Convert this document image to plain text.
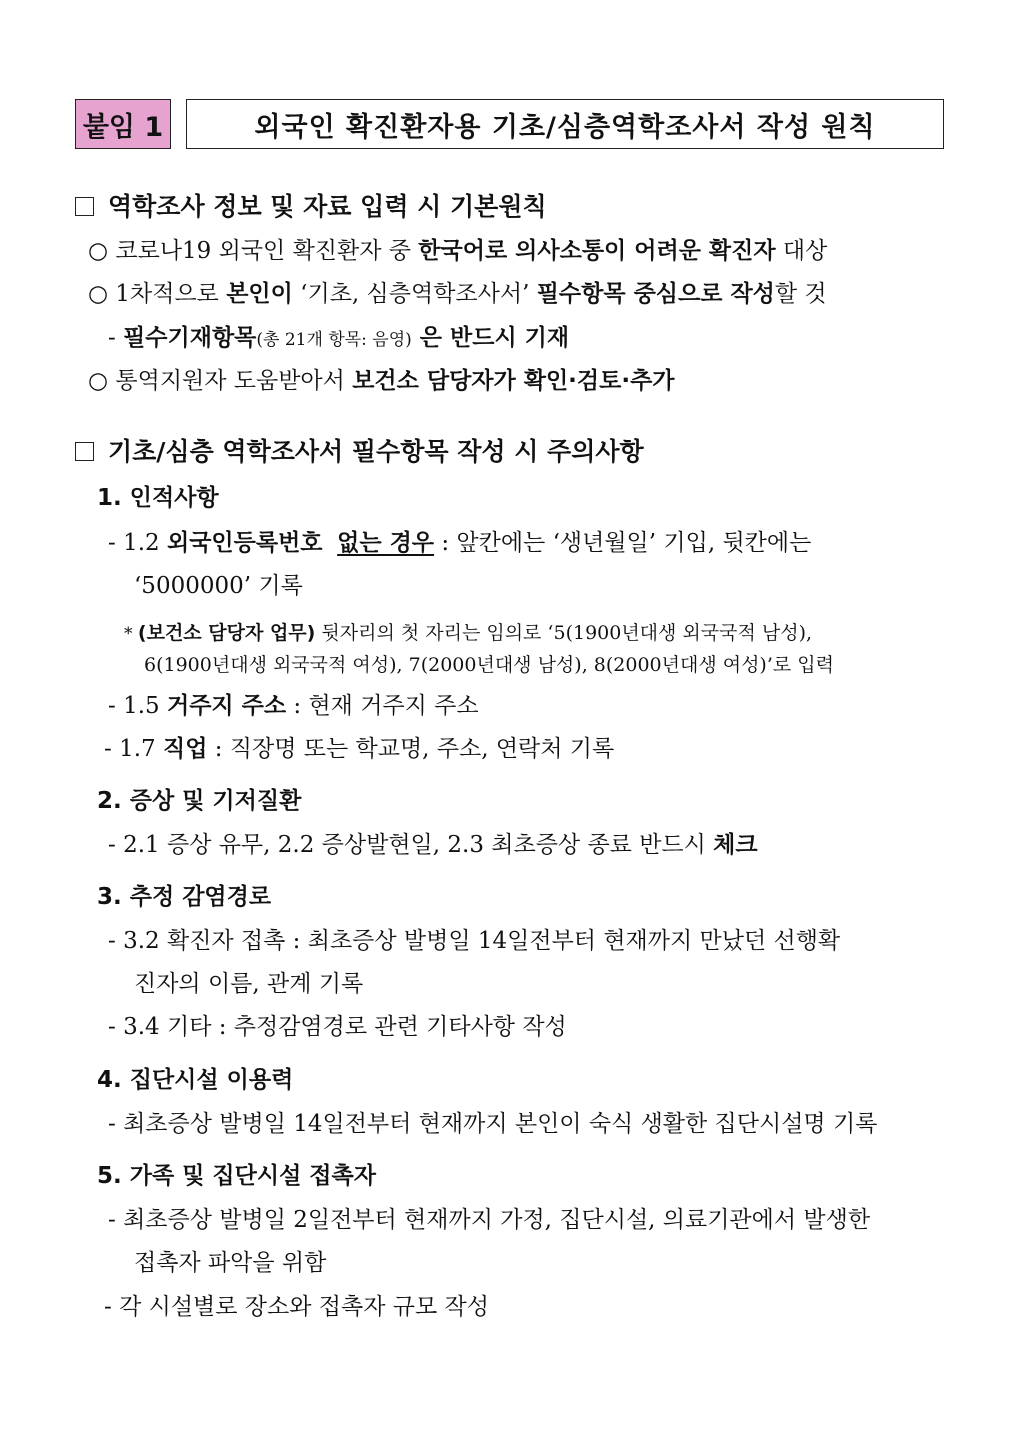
붙임 1	외국인 확진환자용 기초/심층역학조사서 작성 원칙
역학조사 정보 및 자료 입력 시 기본원칙
○ 코로나19 외국인 확진환자 중 한국어로 의사소통이 어려운 확진자 대상
○ 1차적으로 본인이 ‘기초, 심층역학조사서’ 필수항목 중심으로 작성할 것
- 필수기재항목(총 21개 항목: 음영) 은 반드시 기재
○ 통역지원자 도움받아서 보건소 담당자가 확인·검토·추가
기초/심층 역학조사서 필수항목 작성 시 주의사항
1. 인적사항
- 1.2 외국인등록번호 없는 경우 : 앞칸에는 ‘생년월일’ 기입, 뒷칸에는
‘5000000’ 기록
* (보건소 담당자 업무) 뒷자리의 첫 자리는 임의로 ‘5(1900년대생 외국국적 남성),
6(1900년대생 외국국적 여성), 7(2000년대생 남성), 8(2000년대생 여성)’로 입력
- 1.5 거주지 주소 : 현재 거주지 주소
- 1.7 직업 : 직장명 또는 학교명, 주소, 연락처 기록
2. 증상 및 기저질환
- 2.1 증상 유무, 2.2 증상발현일, 2.3 최초증상 종료 반드시 체크
3. 추정 감염경로
- 3.2 확진자 접촉 : 최초증상 발병일 14일전부터 현재까지 만났던 선행확
진자의 이름, 관계 기록
- 3.4 기타 : 추정감염경로 관련 기타사항 작성
4. 집단시설 이용력
- 최초증상 발병일 14일전부터 현재까지 본인이 숙식 생활한 집단시설명 기록
5. 가족 및 집단시설 접촉자
- 최초증상 발병일 2일전부터 현재까지 가정, 집단시설, 의료기관에서 발생한
접촉자 파악을 위함
- 각 시설별로 장소와 접촉자 규모 작성
